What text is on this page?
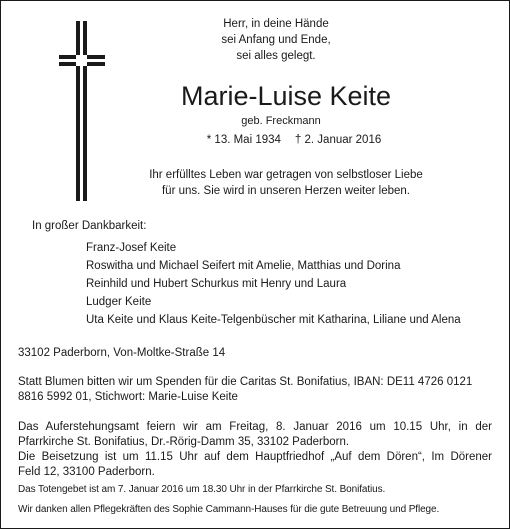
Herr, in deine Hände
sei Anfang und Ende,
sei alles gelegt.
Marie-Luise Keite
geb. Freckmann
* 13. Mai 1934 † 2. Januar 2016
Ihr erfülltes Leben war getragen von selbstloser Liebe
für uns. Sie wird in unseren Herzen weiter leben.
In großer Dankbarkeit:
Franz-Josef Keite
Roswitha und Michael Seifert mit Amelie, Matthias und Dorina
Reinhild und Hubert Schurkus mit Henry und Laura
Ludger Keite
Uta Keite und Klaus Keite-Telgenbüscher mit Katharina, Liliane und Alena
33102 Paderborn, Von-Moltke-Straße 14
Statt Blumen bitten wir um Spenden für die Caritas St. Bonifatius, IBAN: DE11 4726 0121
8816 5992 01, Stichwort: Marie-Luise Keite
Das Auferstehungsamt feiern wir am Freitag, 8. Januar 2016 um 10.15 Uhr, in der
Pfarrkirche St. Bonifatius, Dr.-Rörig-Damm 35, 33102 Paderborn.
Die Beisetzung ist um 11.15 Uhr auf dem Hauptfriedhof „Auf dem Dören“, Im Dörener
Feld 12, 33100 Paderborn.
Das Totengebet ist am 7. Januar 2016 um 18.30 Uhr in der Pfarrkirche St. Bonifatius.
Wir danken allen Pflegekräften des Sophie Cammann-Hauses für die gute Betreuung und Pflege.
